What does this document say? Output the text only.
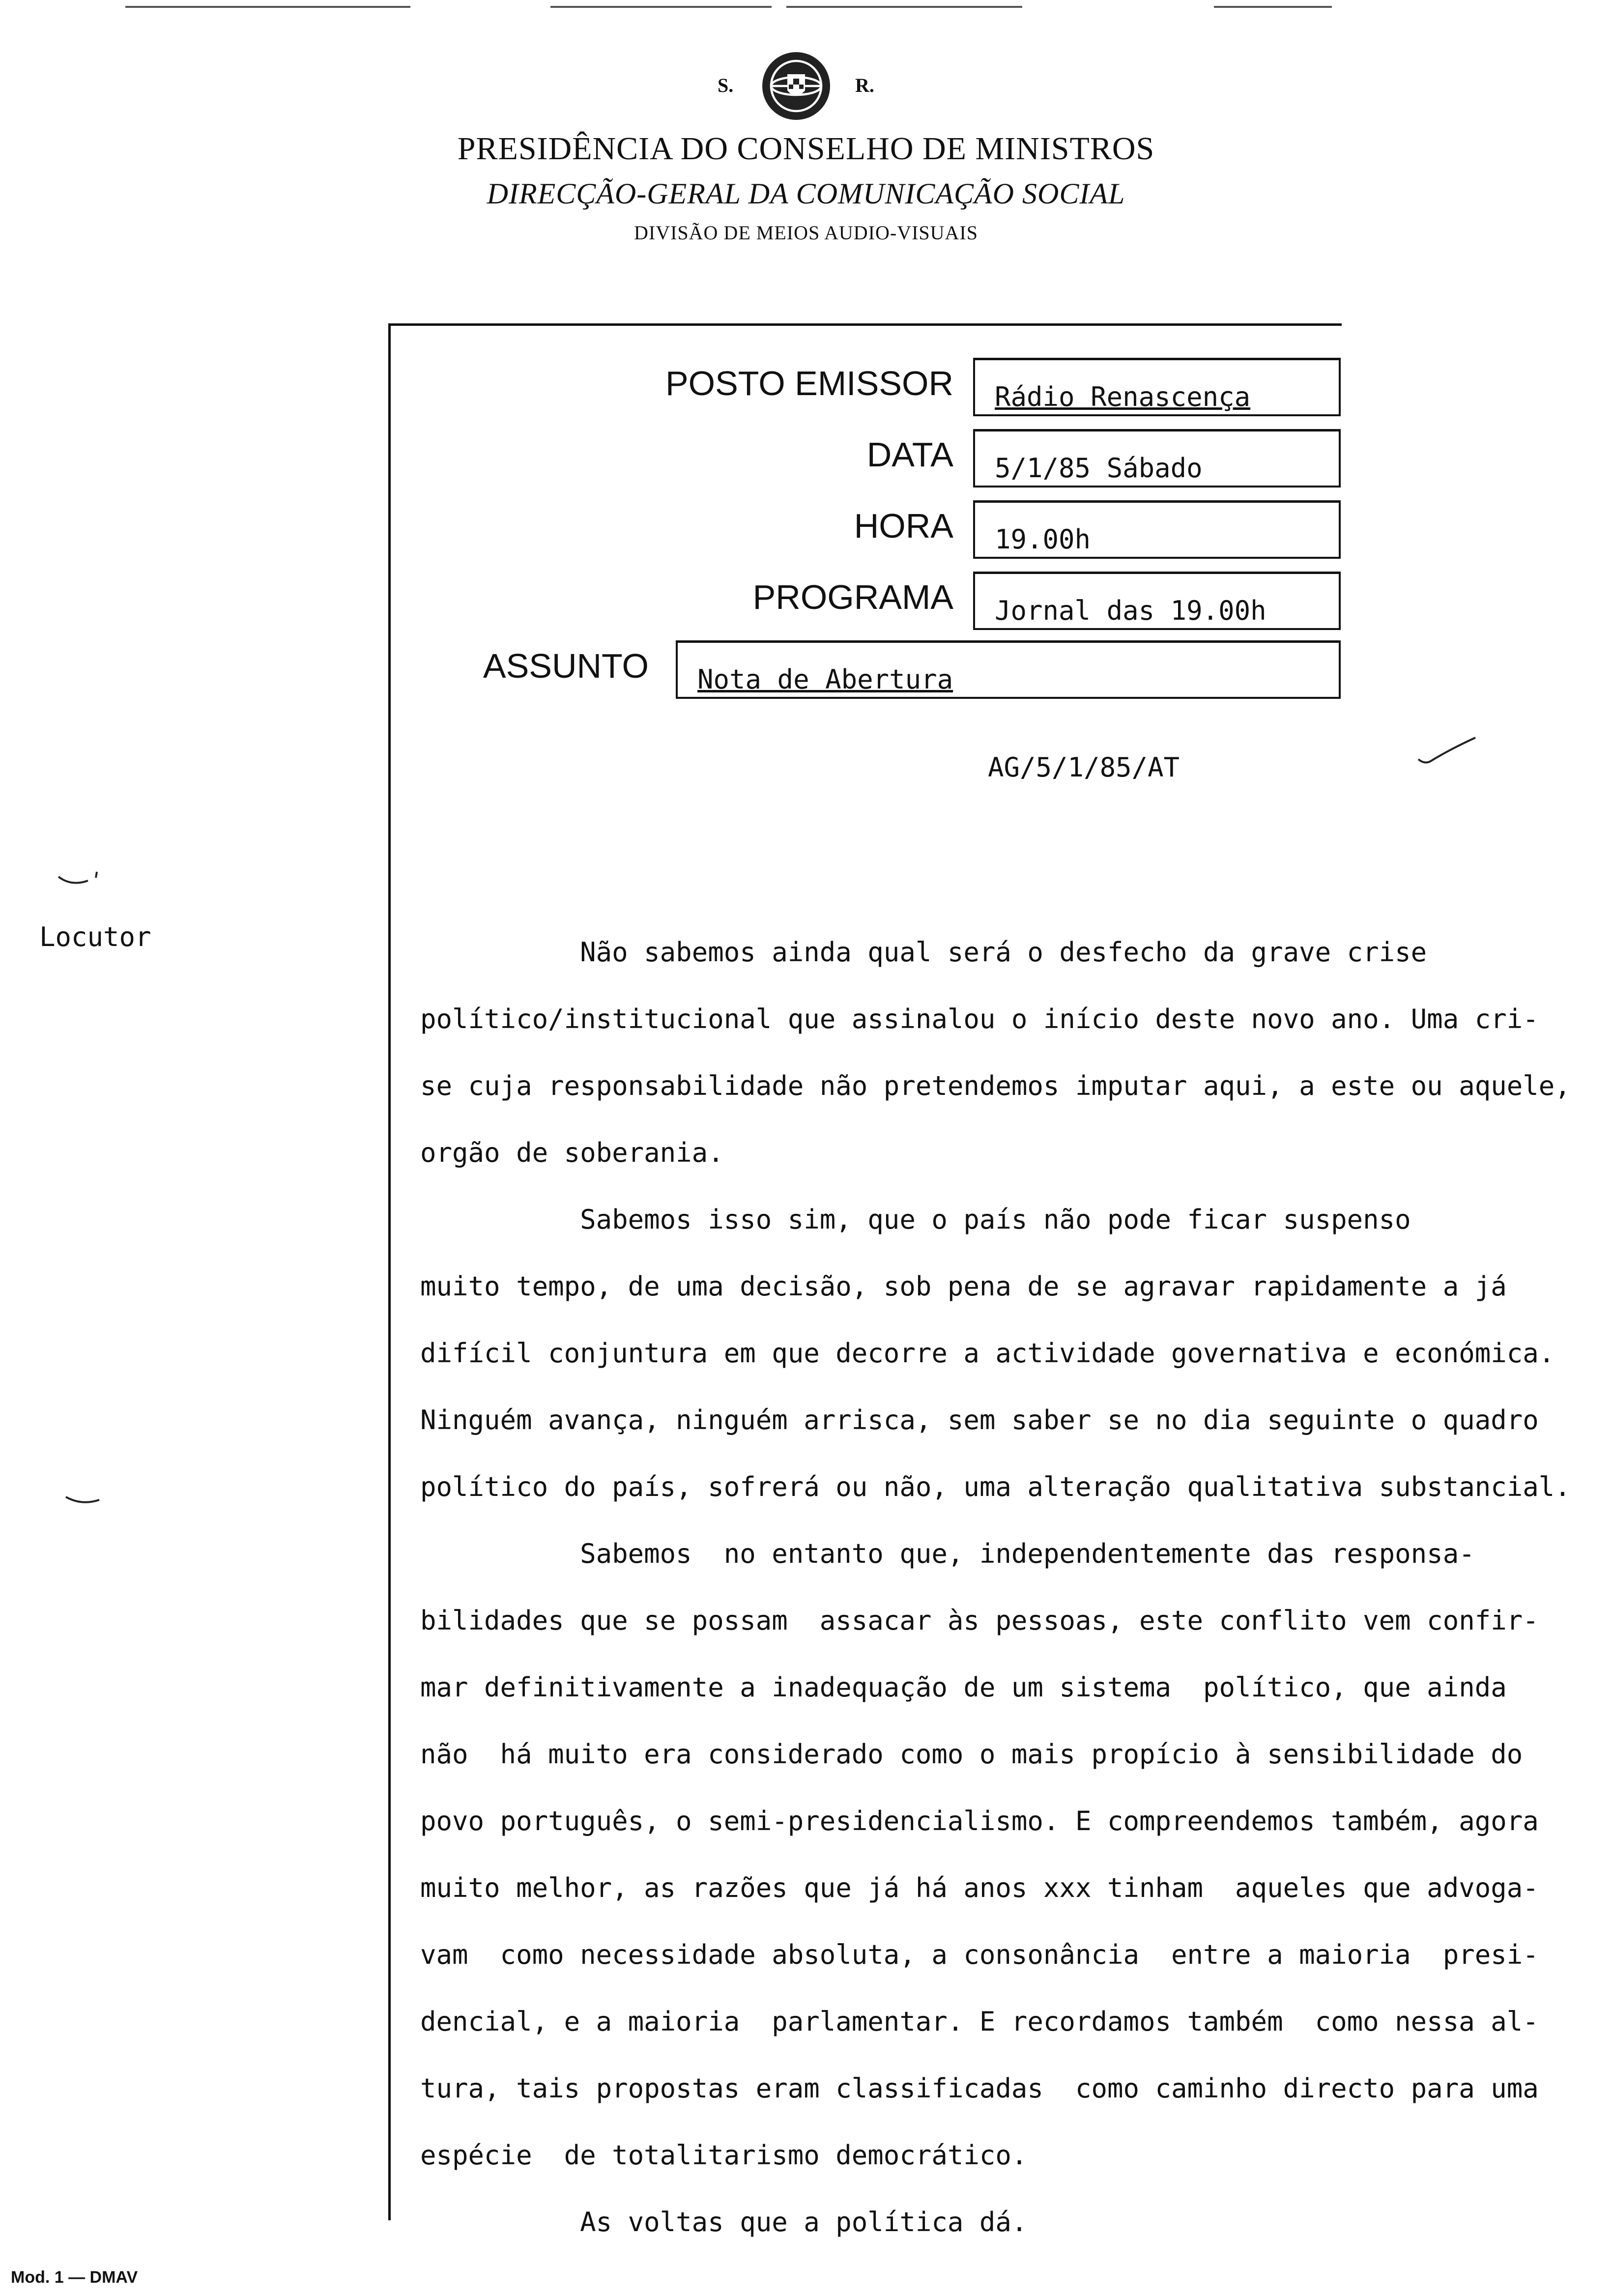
S.	R.
PRESIDÊNCIA DO CONSELHO DE MINISTROS
DIRECÇÃO-GERAL DA COMUNICAÇÃO SOCIAL
DIVISÃO DE MEIOS AUDIO-VISUAIS
POSTO EMISSOR Rádio Renascença
DATA 5/1/85 Sábado
HORA 19.00h
PROGRAMA Jornal das 19.00h
ASSUNTO Nota de Abertura
AG/5/1/85/AT
Locutor	Não sabemos ainda qual será o desfecho da grave crise

político/institucional que assinalou o início deste novo ano. Uma cri-

se cuja responsabilidade não pretendemos imputar aqui, a este ou aquele,

orgão de soberania.

Sabemos isso sim, que o país não pode ficar suspenso

muito tempo, de uma decisão, sob pena de se agravar rapidamente a já

difícil conjuntura em que decorre a actividade governativa e económica.

Ninguém avança, ninguém arrisca, sem saber se no dia seguinte o quadro

político do país, sofrerá ou não, uma alteração qualitativa substancial.

Sabemos  no entanto que, independentemente das responsa-

bilidades que se possam  assacar às pessoas, este conflito vem confir-

mar definitivamente a inadequação de um sistema  político, que ainda

não  há muito era considerado como o mais propício à sensibilidade do

povo português, o semi-presidencialismo. E compreendemos também, agora

muito melhor, as razões que já há anos xxx tinham  aqueles que advoga-

vam  como necessidade absoluta, a consonância  entre a maioria  presi-

dencial, e a maioria  parlamentar. E recordamos também  como nessa al-

tura, tais propostas eram classificadas  como caminho directo para uma

espécie  de totalitarismo democrático.

As voltas que a política dá.

Mod. 1 — DMAV
